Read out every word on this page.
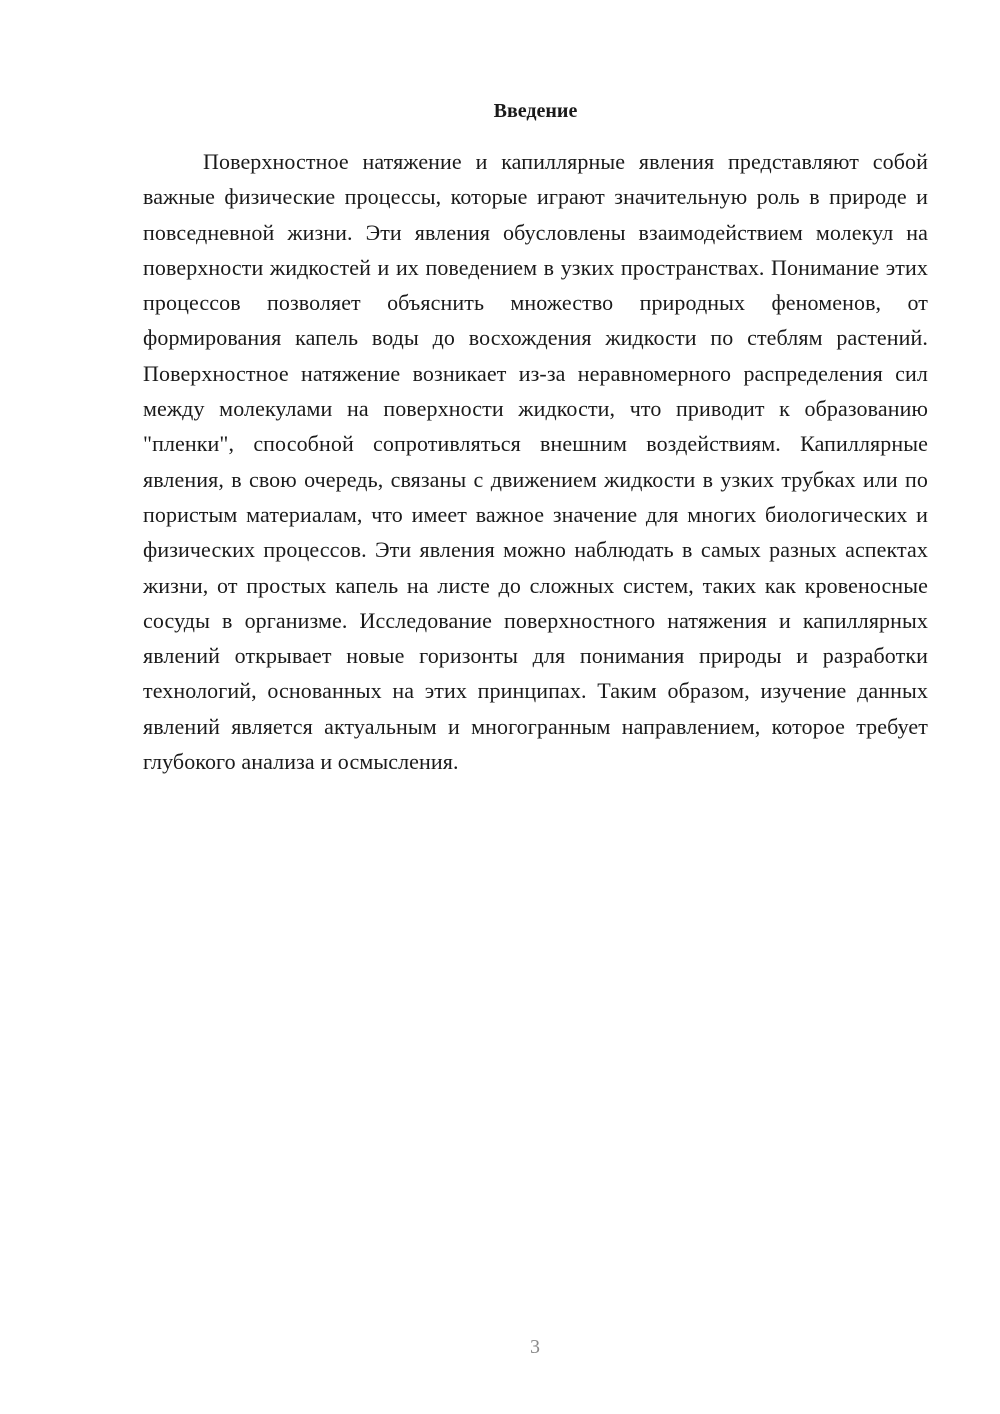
Введение

Поверхностное натяжение и капиллярные явления представляют собой важные физические процессы, которые играют значительную роль в природе и повседневной жизни. Эти явления обусловлены взаимодействием молекул на поверхности жидкостей и их поведением в узких пространствах. Понимание этих процессов позволяет объяснить множество природных феноменов, от формирования капель воды до восхождения жидкости по стеблям растений. Поверхностное натяжение возникает из-за неравномерного распределения сил между молекулами на поверхности жидкости, что приводит к образованию "пленки", способной сопротивляться внешним воздействиям. Капиллярные явления, в свою очередь, связаны с движением жидкости в узких трубках или по пористым материалам, что имеет важное значение для многих биологических и физических процессов. Эти явления можно наблюдать в самых разных аспектах жизни, от простых капель на листе до сложных систем, таких как кровеносные сосуды в организме. Исследование поверхностного натяжения и капиллярных явлений открывает новые горизонты для понимания природы и разработки технологий, основанных на этих принципах. Таким образом, изучение данных явлений является актуальным и многогранным направлением, которое требует глубокого анализа и осмысления.

3
